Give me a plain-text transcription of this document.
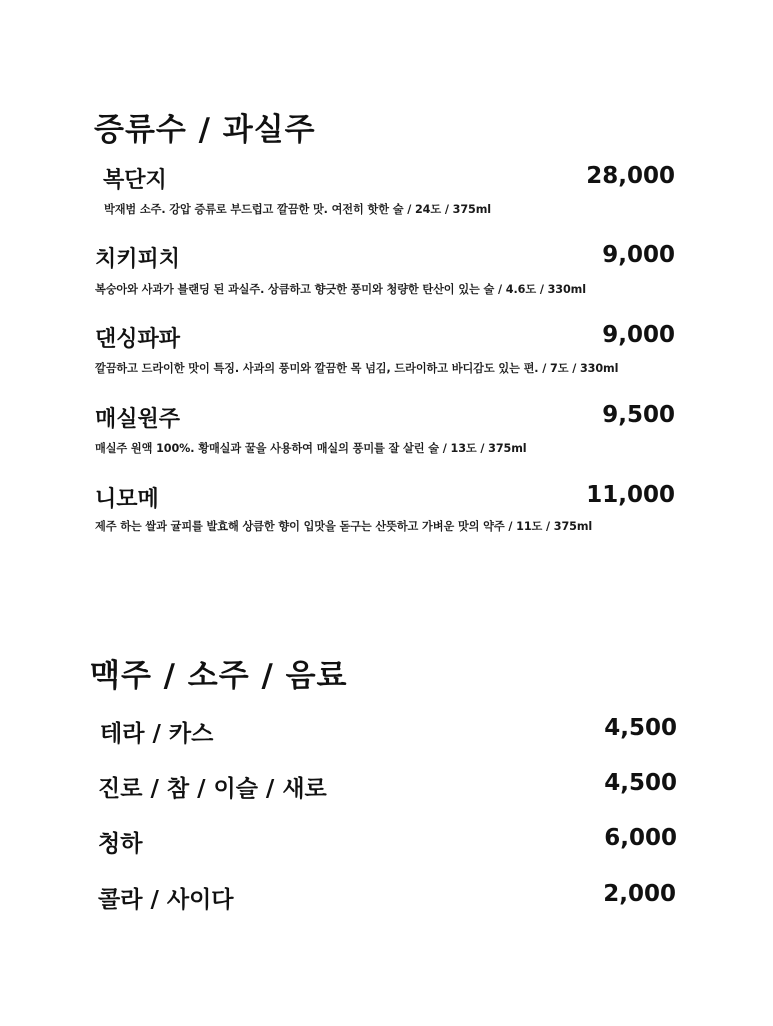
증류수 / 과실주
복단지	28,000
박재범 소주. 강압 증류로 부드럽고 깔끔한 맛. 여전히 핫한 술 / 24도 / 375ml
치키피치	9,000
복숭아와 사과가 블랜딩 된 과실주. 상큼하고 향긋한 풍미와 청량한 탄산이 있는 술 / 4.6도 / 330ml
댄싱파파	9,000
깔끔하고 드라이한 맛이 특징. 사과의 풍미와 깔끔한 목 넘김, 드라이하고 바디감도 있는 편. / 7도 / 330ml
매실원주	9,500
매실주 원액 100%. 황매실과 꿀을 사용하여 매실의 풍미를 잘 살린 술 / 13도 / 375ml
니모메	11,000
제주 하는 쌀과 귤피를 발효해 상큼한 향이 입맛을 돋구는 산뜻하고 가벼운 맛의 약주 / 11도 / 375ml
맥주 / 소주 / 음료
테라 / 카스	4,500
진로 / 참 / 이슬 / 새로	4,500
청하	6,000
콜라 / 사이다	2,000
